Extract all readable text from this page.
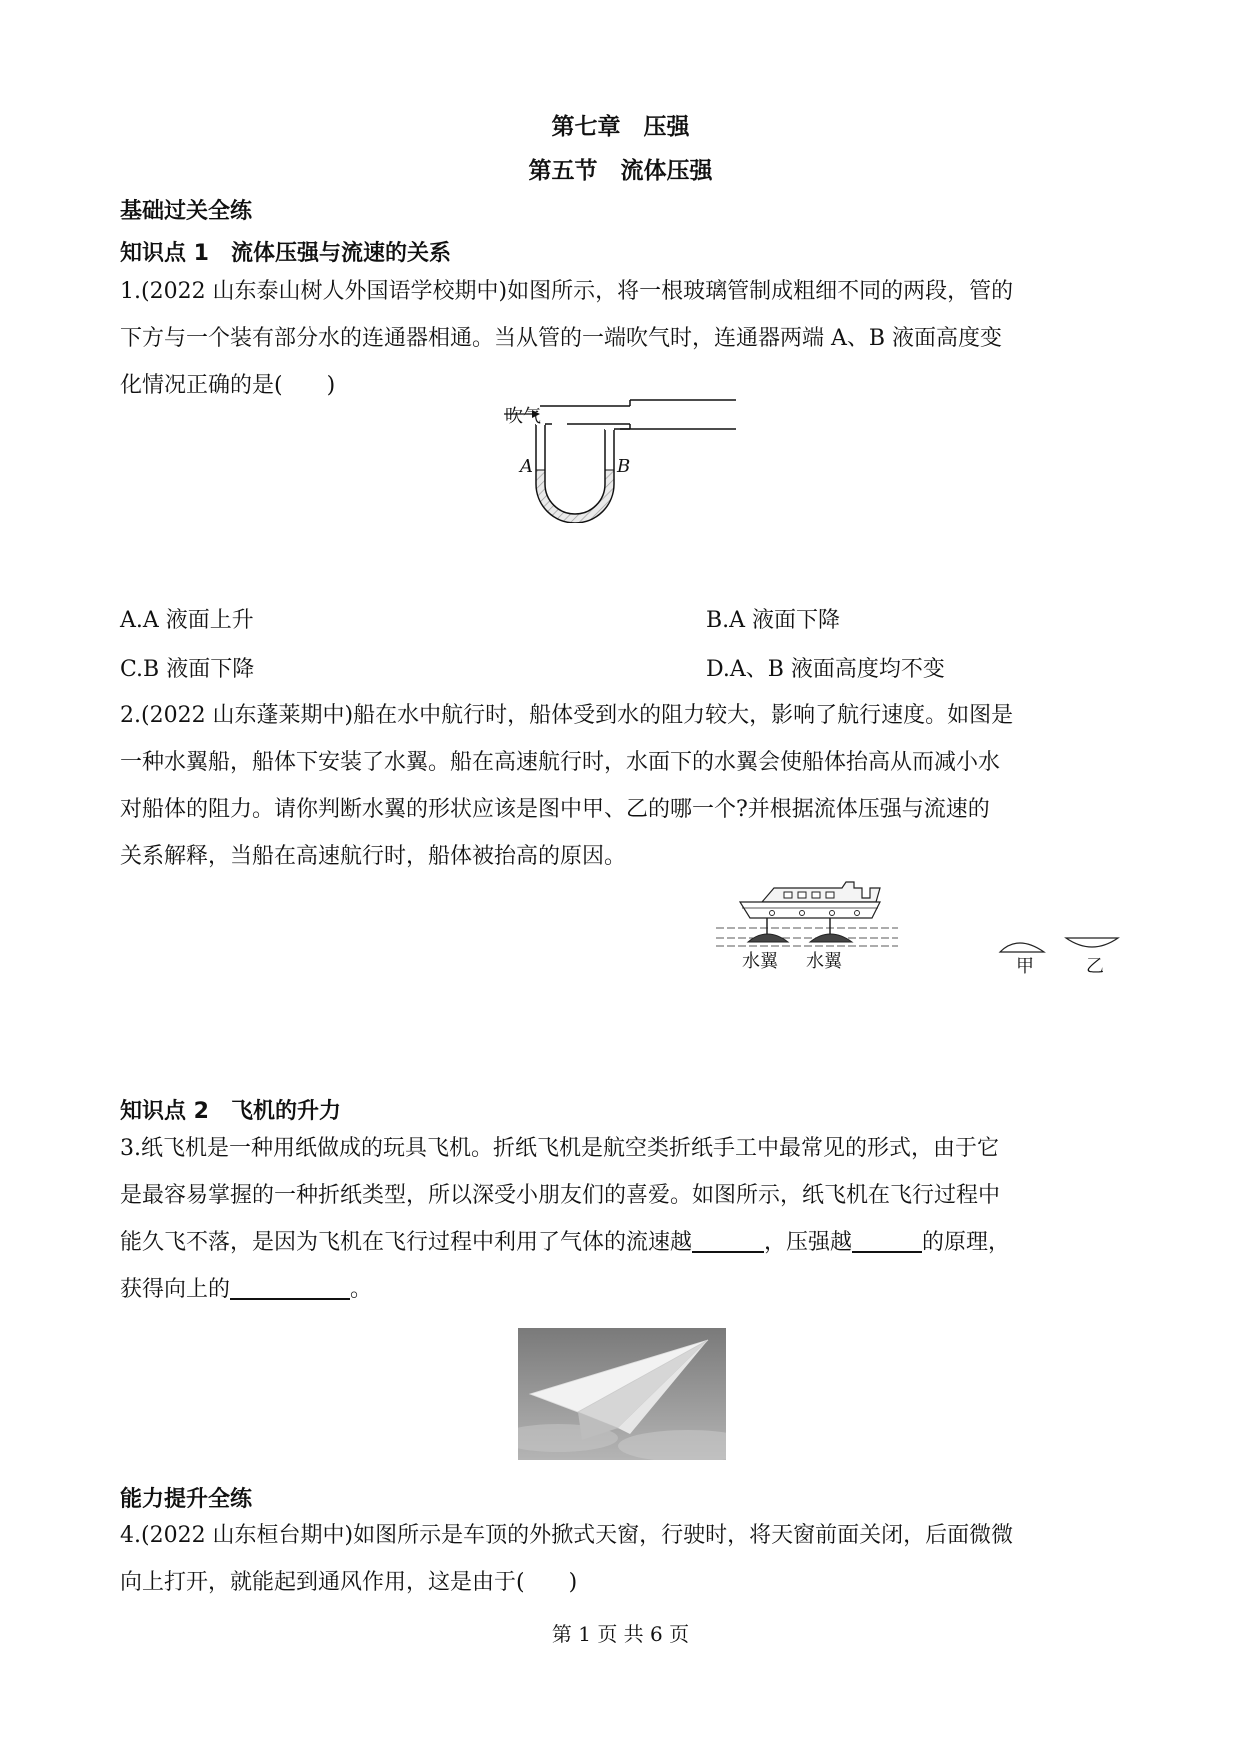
第七章　压强
第五节　流体压强
基础过关全练
知识点 1　流体压强与流速的关系
1.(2022 山东泰山树人外国语学校期中)如图所示，将一根玻璃管制成粗细不同的两段，管的
下方与一个装有部分水的连通器相通。当从管的一端吹气时，连通器两端 A、B 液面高度变
化情况正确的是(　　)
吹气
A	B
A.A 液面上升	B.A 液面下降
C.B 液面下降	D.A、B 液面高度均不变
2.(2022 山东蓬莱期中)船在水中航行时，船体受到水的阻力较大，影响了航行速度。如图是
一种水翼船，船体下安装了水翼。船在高速航行时，水面下的水翼会使船体抬高从而减小水
对船体的阻力。请你判断水翼的形状应该是图中甲、乙的哪一个?并根据流体压强与流速的
关系解释，当船在高速航行时，船体被抬高的原因。
水翼 水翼	甲	乙
知识点 2　飞机的升力
3.纸飞机是一种用纸做成的玩具飞机。折纸飞机是航空类折纸手工中最常见的形式，由于它
是最容易掌握的一种折纸类型，所以深受小朋友们的喜爱。如图所示，纸飞机在飞行过程中
能久飞不落，是因为飞机在飞行过程中利用了气体的流速越	，压强越	的原理，
获得向上的	。
能力提升全练
4.(2022 山东桓台期中)如图所示是车顶的外掀式天窗，行驶时，将天窗前面关闭，后面微微
向上打开，就能起到通风作用，这是由于(　　)
第 1 页 共 6 页
